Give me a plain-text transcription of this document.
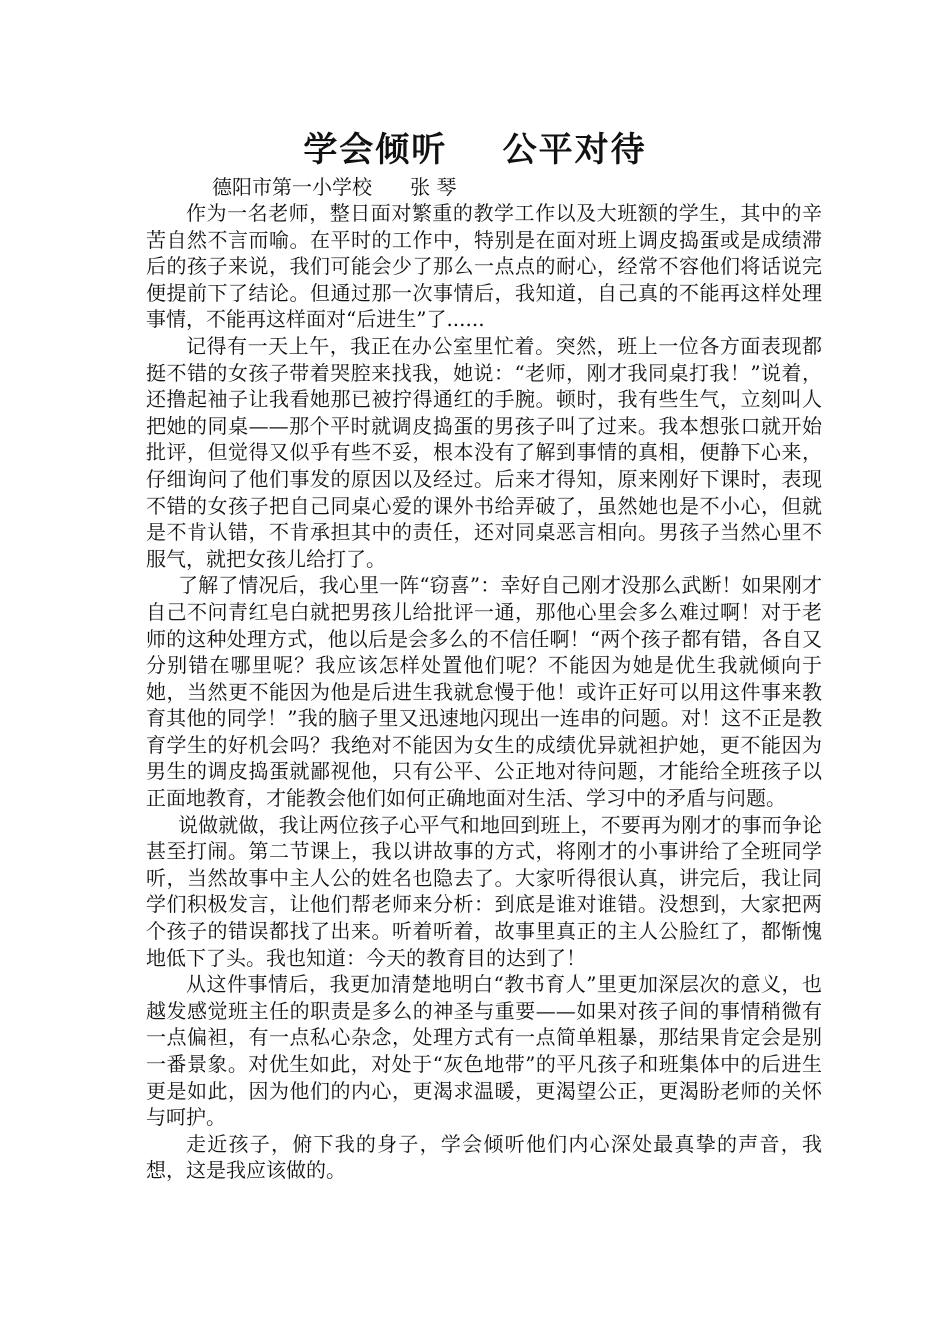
学会倾听    公平对待
德阳市第一小学校      张 琴

作为一名老师，整日面对繁重的教学工作以及大班额的学生，其中的辛苦自然不言而喻。在平时的工作中，特别是在面对班上调皮捣蛋或是成绩滞后的孩子来说，我们可能会少了那么一点点的耐心，经常不容他们将话说完便提前下了结论。但通过那一次事情后，我知道，自己真的不能再这样处理事情，不能再这样面对“后进生”了......

记得有一天上午，我正在办公室里忙着。突然，班上一位各方面表现都挺不错的女孩子带着哭腔来找我，她说：“老师，刚才我同桌打我！”说着，还撸起袖子让我看她那已被拧得通红的手腕。顿时，我有些生气，立刻叫人把她的同桌——那个平时就调皮捣蛋的男孩子叫了过来。我本想张口就开始批评，但觉得又似乎有些不妥，根本没有了解到事情的真相，便静下心来，仔细询问了他们事发的原因以及经过。后来才得知，原来刚好下课时，表现不错的女孩子把自己同桌心爱的课外书给弄破了，虽然她也是不小心，但就是不肯认错，不肯承担其中的责任，还对同桌恶言相向。男孩子当然心里不服气，就把女孩儿给打了。

了解了情况后，我心里一阵“窃喜”：幸好自己刚才没那么武断！如果刚才自己不问青红皂白就把男孩儿给批评一通，那他心里会多么难过啊！对于老师的这种处理方式，他以后是会多么的不信任啊！“两个孩子都有错，各自又分别错在哪里呢？我应该怎样处置他们呢？不能因为她是优生我就倾向于她，当然更不能因为他是后进生我就怠慢于他！或许正好可以用这件事来教育其他的同学！”我的脑子里又迅速地闪现出一连串的问题。对！这不正是教育学生的好机会吗？我绝对不能因为女生的成绩优异就袒护她，更不能因为男生的调皮捣蛋就鄙视他，只有公平、公正地对待问题，才能给全班孩子以正面地教育，才能教会他们如何正确地面对生活、学习中的矛盾与问题。

说做就做，我让两位孩子心平气和地回到班上，不要再为刚才的事而争论甚至打闹。第二节课上，我以讲故事的方式，将刚才的小事讲给了全班同学听，当然故事中主人公的姓名也隐去了。大家听得很认真，讲完后，我让同学们积极发言，让他们帮老师来分析：到底是谁对谁错。没想到，大家把两个孩子的错误都找了出来。听着听着，故事里真正的主人公脸红了，都惭愧地低下了头。我也知道：今天的教育目的达到了！

从这件事情后，我更加清楚地明白“教书育人”里更加深层次的意义，也越发感觉班主任的职责是多么的神圣与重要——如果对孩子间的事情稍微有一点偏袒，有一点私心杂念，处理方式有一点简单粗暴，那结果肯定会是别一番景象。对优生如此，对处于“灰色地带”的平凡孩子和班集体中的后进生更是如此，因为他们的内心，更渴求温暖，更渴望公正，更渴盼老师的关怀与呵护。

走近孩子，俯下我的身子，学会倾听他们内心深处最真挚的声音，我想，这是我应该做的。
